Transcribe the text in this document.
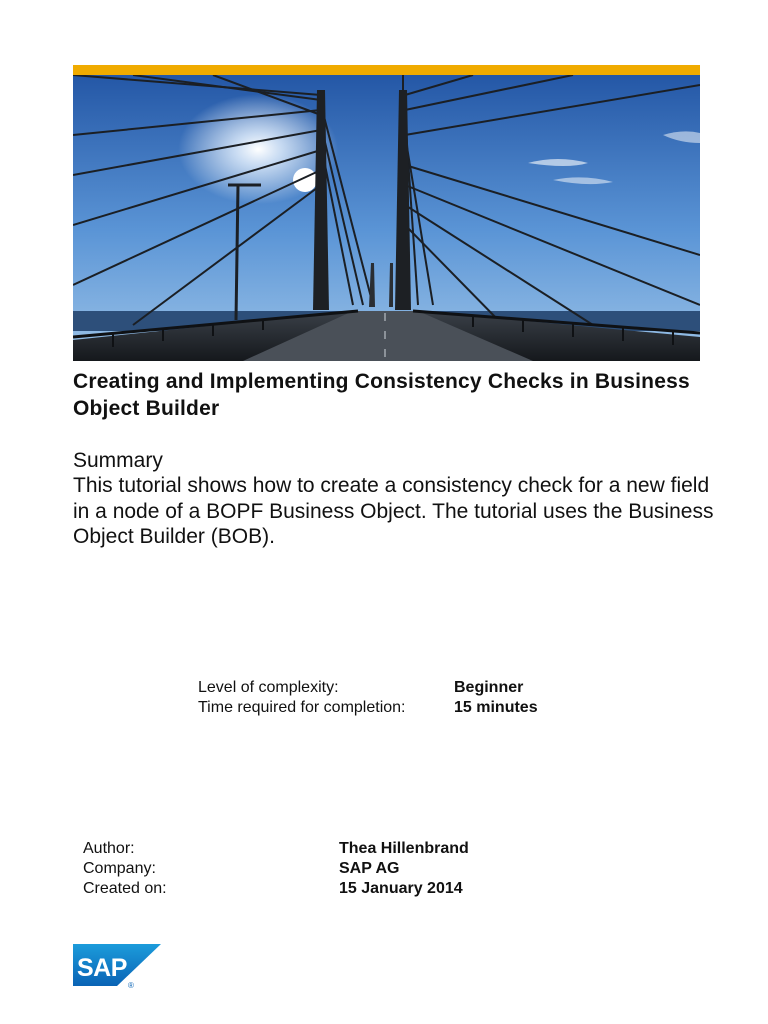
Creating and Implementing Consistency Checks in Business Object Builder
Summary
This tutorial shows how to create a consistency check for a new field in a node of a BOPF Business Object. The tutorial uses the Business Object Builder (BOB).
Level of complexity:	Beginner
Time required for completion:	15 minutes
Author:	Thea Hillenbrand
Company:	SAP AG
Created on:	15 January 2014
SAP
®
